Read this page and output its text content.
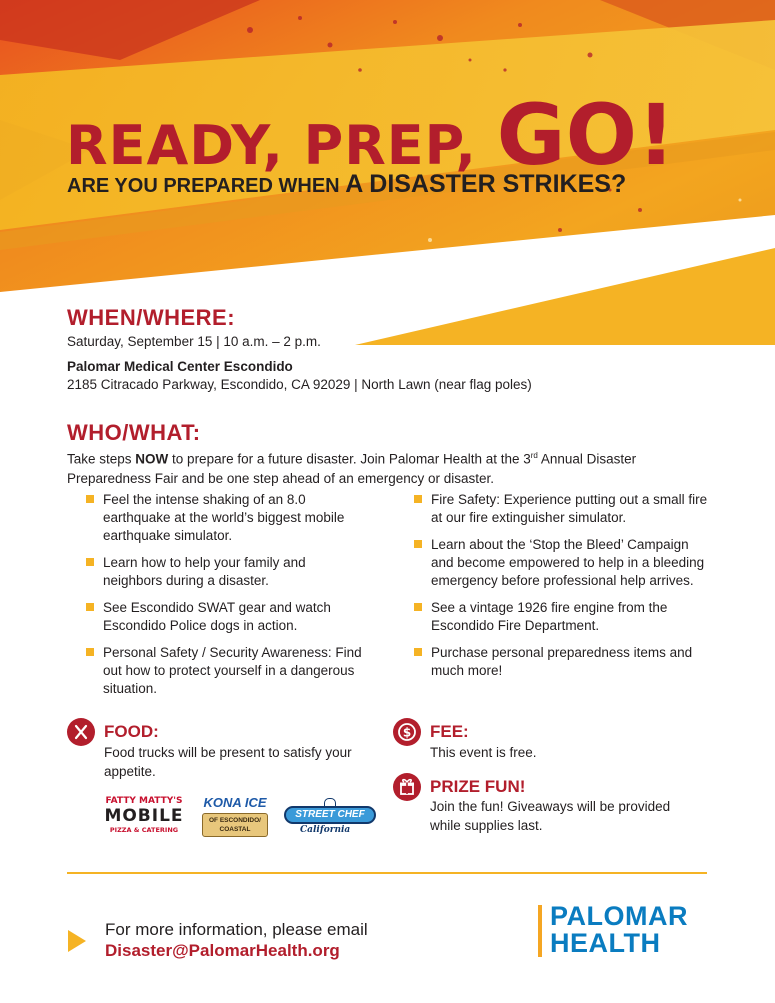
READY, PREP, GO!
ARE YOU PREPARED WHEN A DISASTER STRIKES?
WHEN/WHERE:
Saturday, September 15 | 10 a.m. – 2 p.m.
Palomar Medical Center Escondido
2185 Citracado Parkway, Escondido, CA 92029 | North Lawn (near flag poles)
WHO/WHAT:
Take steps NOW to prepare for a future disaster. Join Palomar Health at the 3rd Annual Disaster Preparedness Fair and be one step ahead of an emergency or disaster.
Feel the intense shaking of an 8.0 earthquake at the world’s biggest mobile earthquake simulator.
Learn how to help your family and neighbors during a disaster.
See Escondido SWAT gear and watch Escondido Police dogs in action.
Personal Safety / Security Awareness: Find out how to protect yourself in a dangerous situation.
Fire Safety: Experience putting out a small fire at our fire extinguisher simulator.
Learn about the ‘Stop the Bleed’ Campaign and become empowered to help in a bleeding emergency before professional help arrives.
See a vintage 1926 fire engine from the Escondido Fire Department.
Purchase personal preparedness items and much more!
FOOD:
Food trucks will be present to satisfy your appetite.
FATTY MATTY'S
MOBILE
PIZZA & CATERING
KONA ICE
OF ESCONDIDO/ COASTAL
STREET CHEF
California
$ FEE:
This event is free.
PRIZE FUN!
Join the fun! Giveaways will be provided while supplies last.
For more information, please email
Disaster@PalomarHealth.org
PALOMAR
HEALTH
